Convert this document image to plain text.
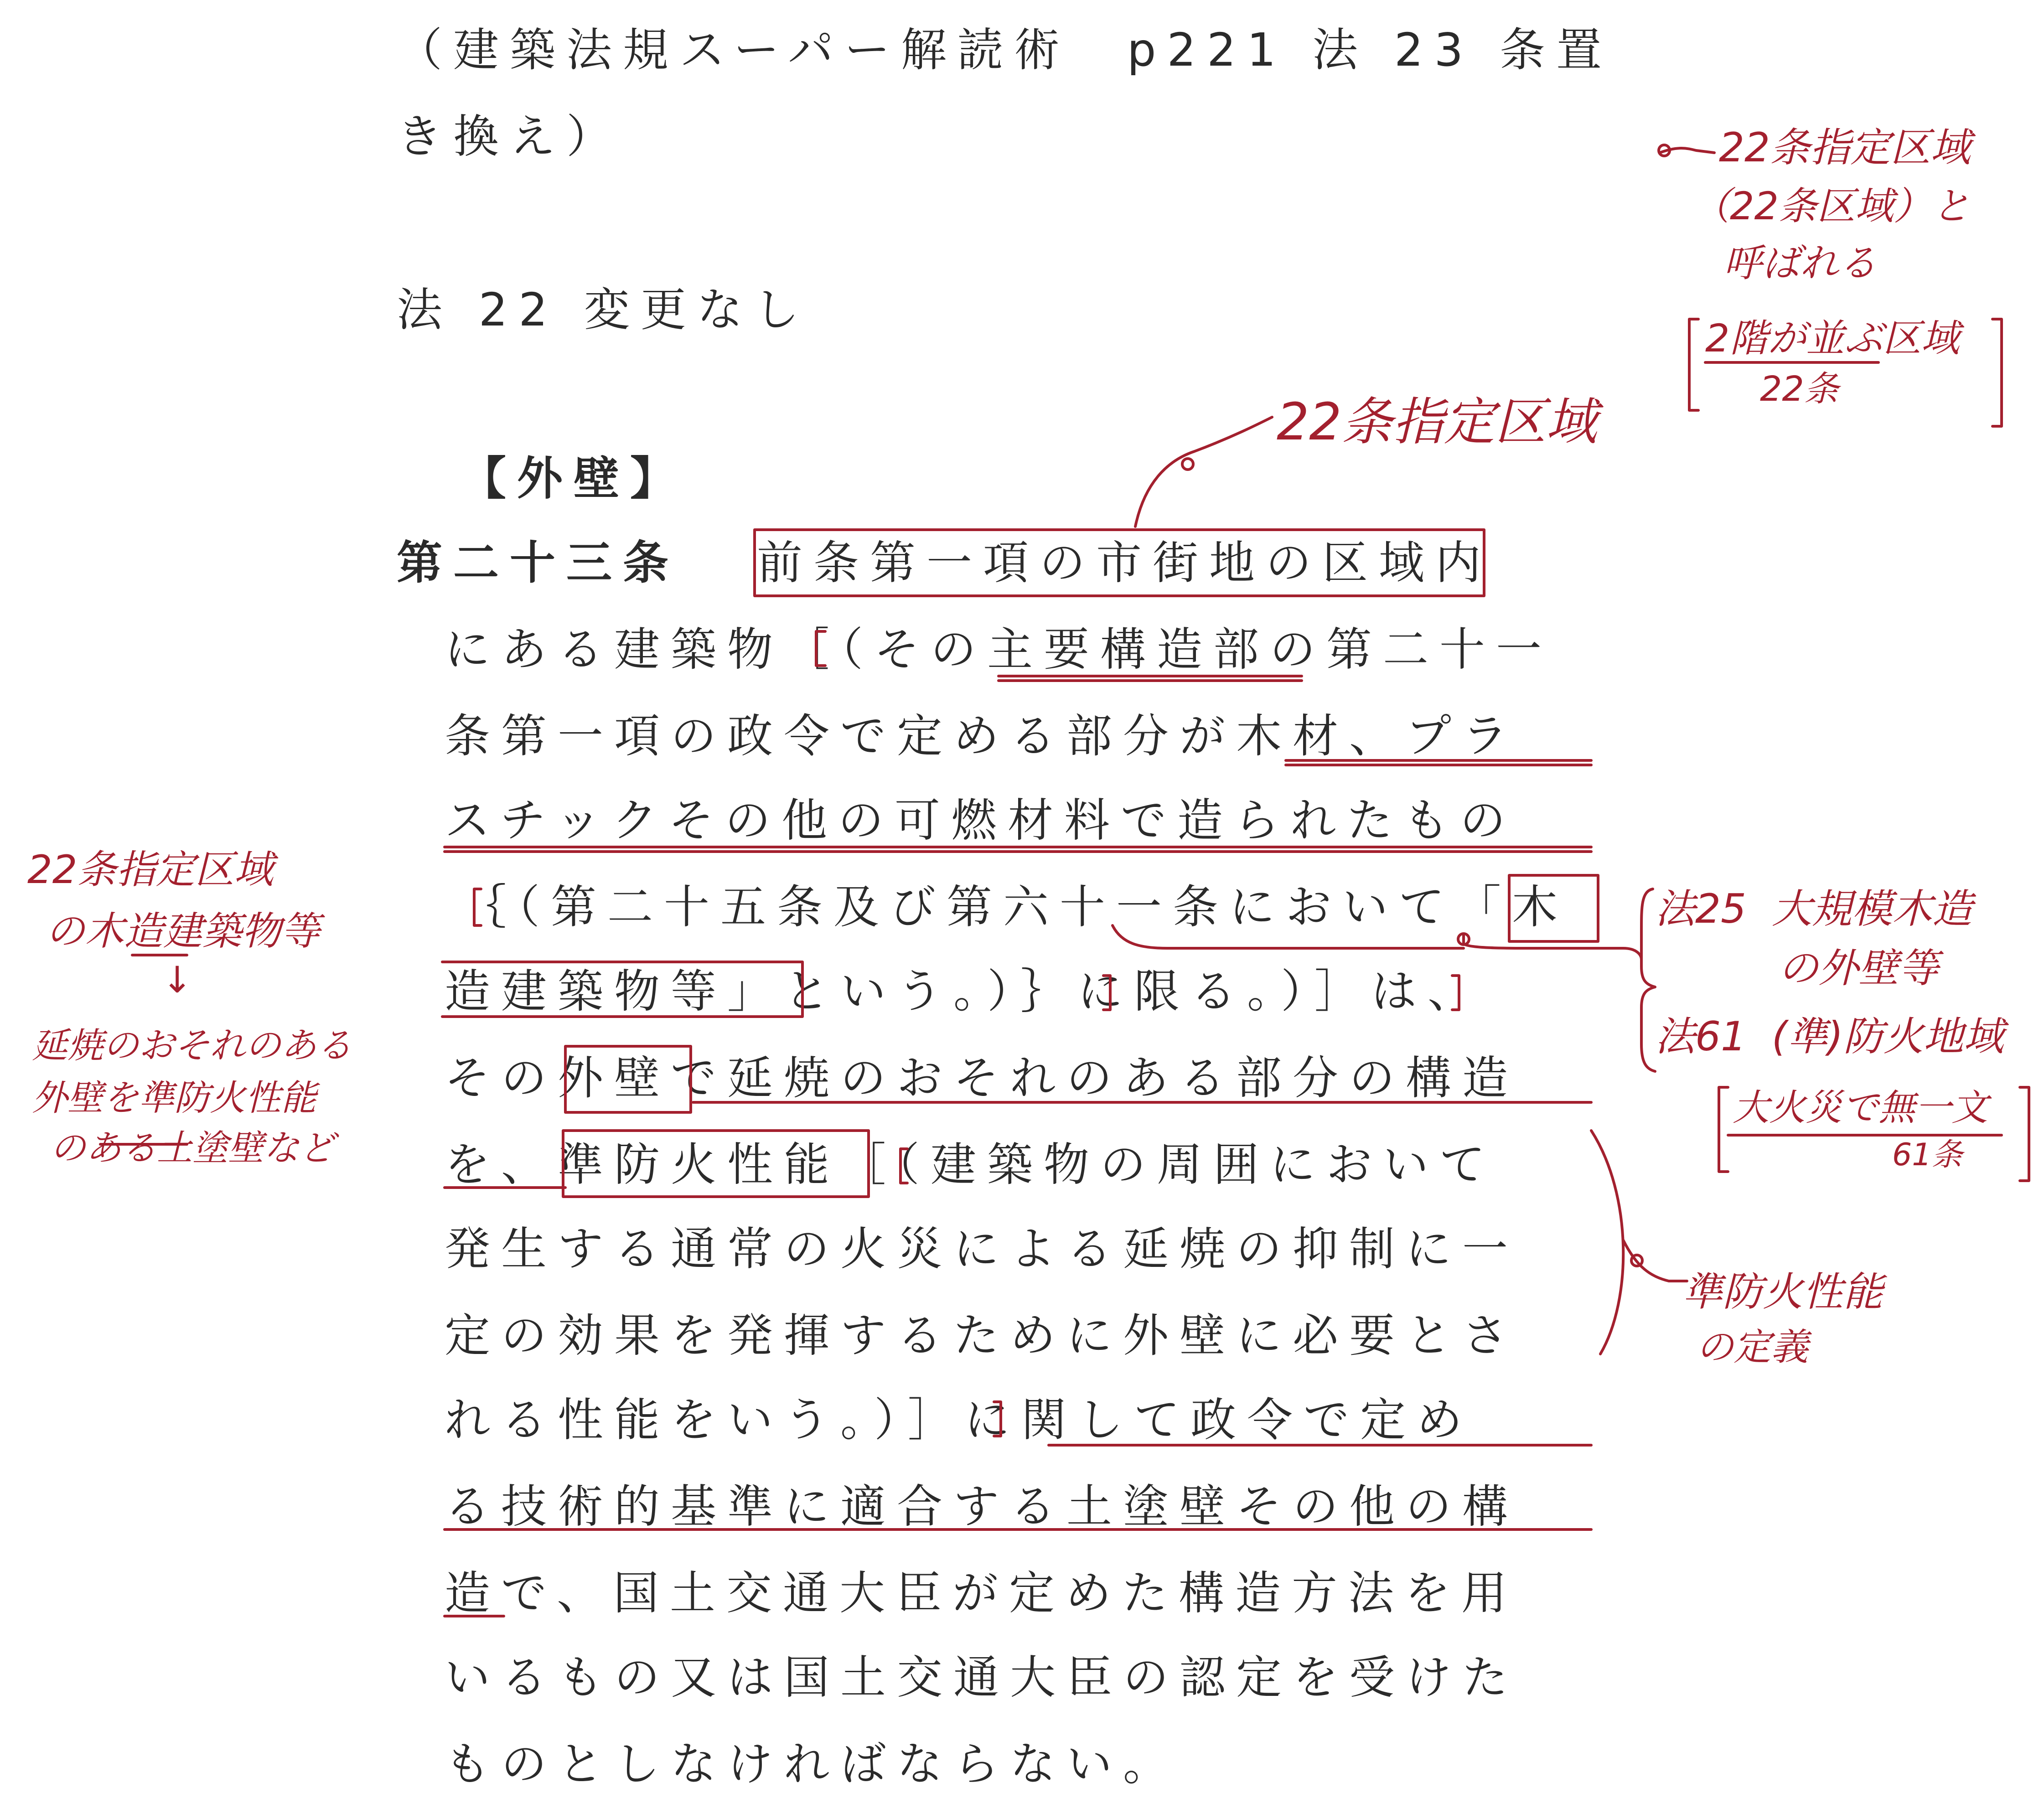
（建築法規スーパー解読術　p221 法 23 条置
き換え）
法 22 変更なし
【外壁】
第二十三条 前条第一項の市街地の区域内
にある建築物［（その主要構造部の第二十一
条第一項の政令で定める部分が木材、プラ
スチックその他の可燃材料で造られたもの
｛（第二十五条及び第六十一条において「木
造建築物等」という。）｝に限る。）］は、
その外壁で延焼のおそれのある部分の構造
を、準防火性能［（建築物の周囲において
発生する通常の火災による延焼の抑制に一
定の効果を発揮するために外壁に必要とさ
れる性能をいう。）］に関して政令で定め
る技術的基準に適合する土塗壁その他の構
造で、国土交通大臣が定めた構造方法を用
いるもの又は国土交通大臣の認定を受けた
ものとしなければならない。
22条指定区域
（22条区域）と
呼ばれる
2階が並ぶ区域
22条
22条指定区域
22条指定区域
の木造建築物等
↓
延焼のおそれのある
外壁を準防火性能
のある土塗壁など
法25  大規模木造
の外壁等
法61  (準)防火地域
大火災で無一文
61条
準防火性能
の定義
